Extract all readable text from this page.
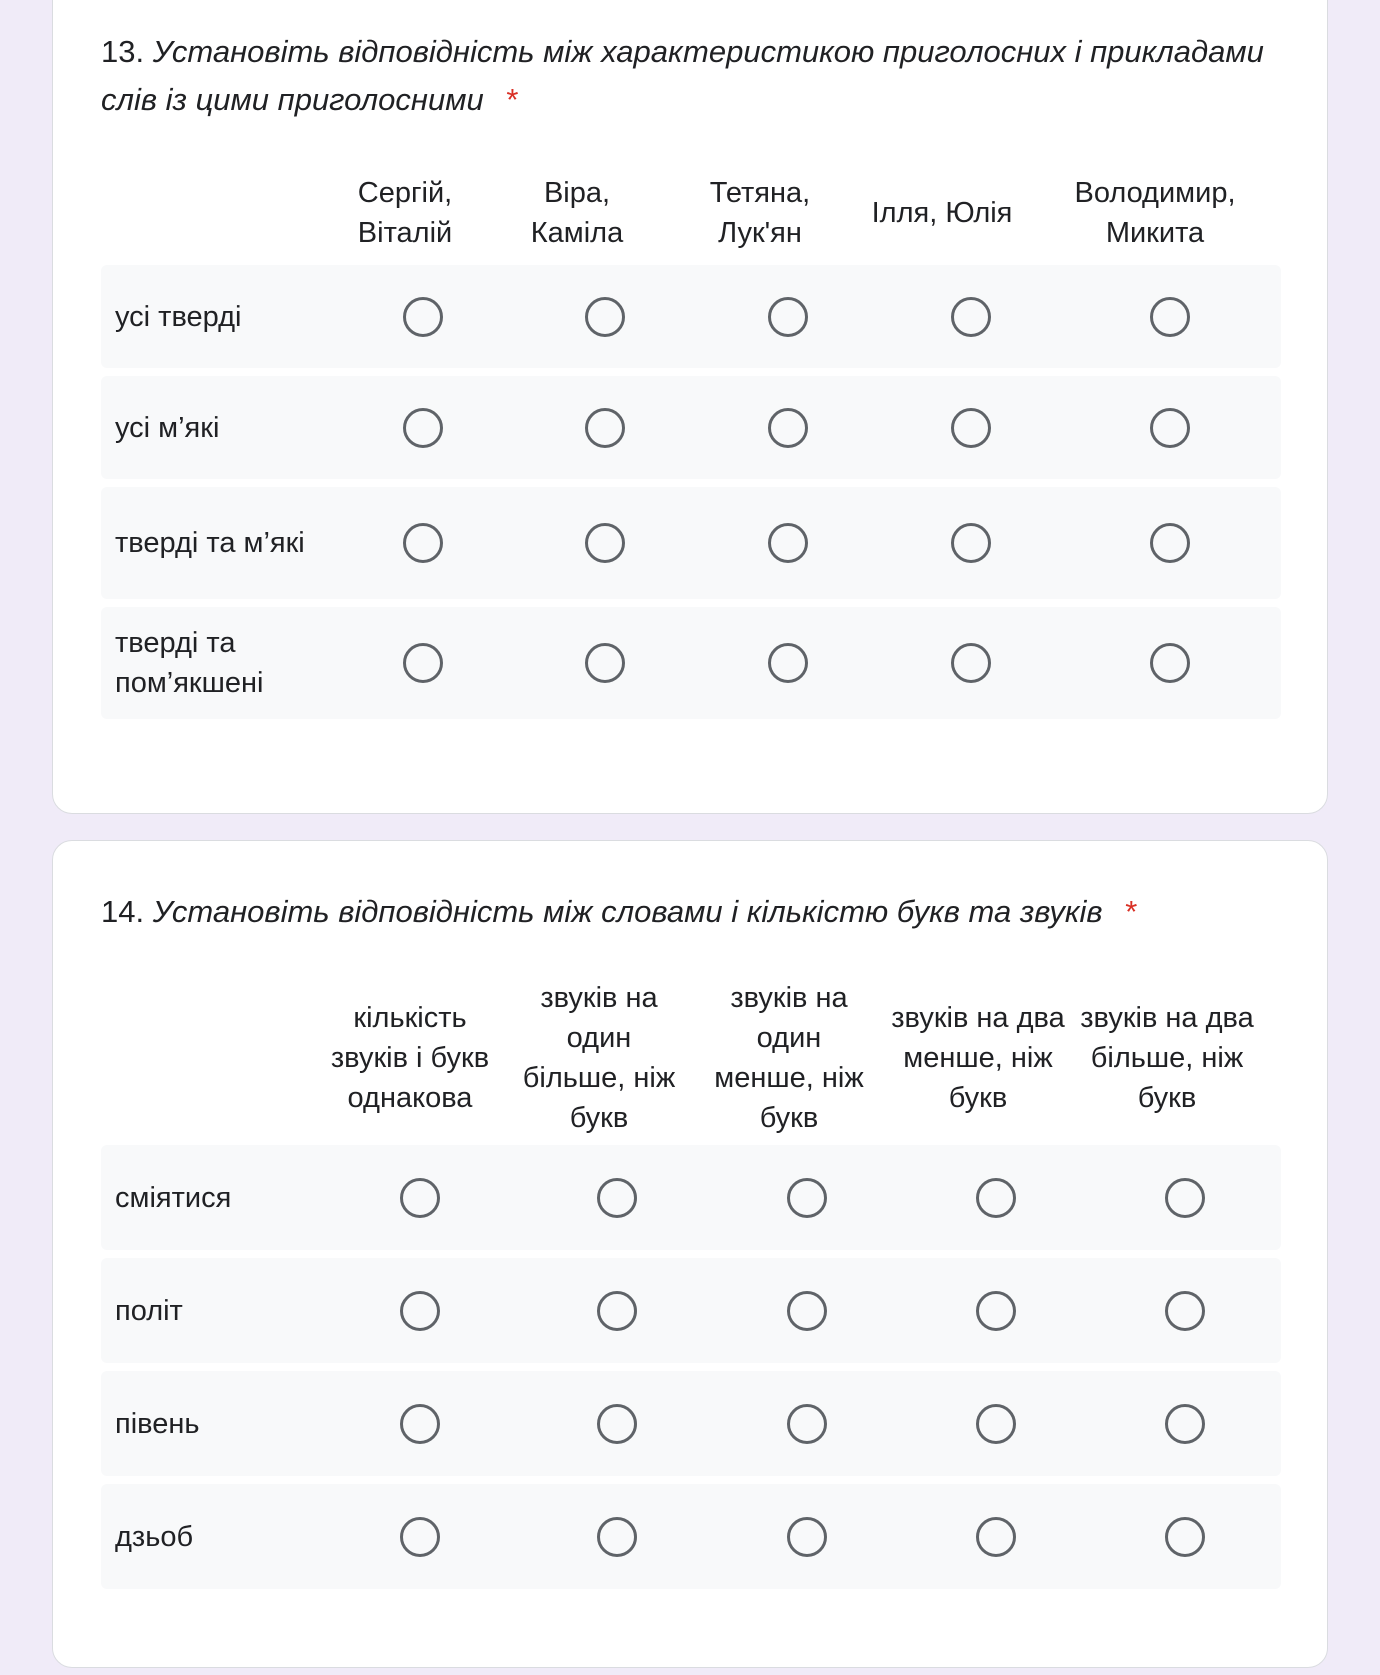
13. Установіть відповідність між характеристикою приголосних і прикладами слів із цими приголосними *
Сергій, Віталій
Віра, Каміла
Тетяна, Лук'ян
Ілля, Юлія
Володимир, Микита
усі тверді
усі м’які
тверді та м’які
тверді та пом’якшені
14. Установіть відповідність між словами і кількістю букв та звуків *
кількість звуків і букв однакова
звуків на один більше, ніж букв
звуків на один менше, ніж букв
звуків на два менше, ніж букв
звуків на два більше, ніж букв
сміятися
політ
півень
дзьоб
